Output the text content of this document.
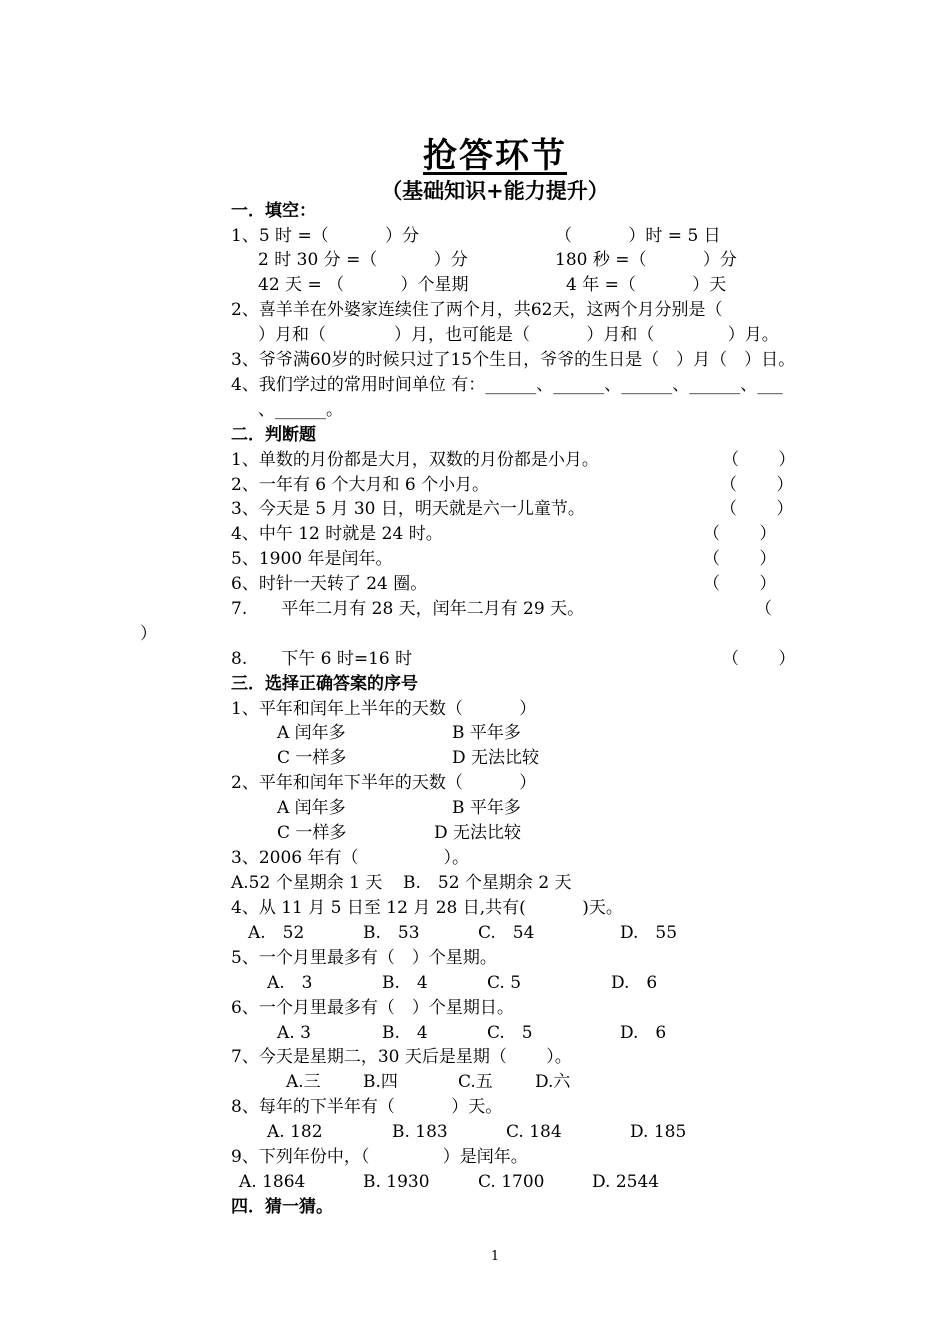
抢答环节
（基础知识+能力提升）
一．填空：
1、5 时 =（　　　 ）分	（　　　 ）时 = 5 日
2 时 30 分 =（　　　 ）分	180 秒 =（　　　 ）分
42 天 = （　　　 ）个星期	4 年 =（　　　 ）天
2、喜羊羊在外婆家连续住了两个月，共62天，这两个月分别是（
）月和（　　　　）月，也可能是（　　　 ）月和（　　　　 ）月。
3、爷爷满60岁的时候只过了15个生日，爷爷的生日是（　）月（　）日。
4、我们学过的常用时间单位 有：______、______、______、______、___
、______。
二．判断题
1、单数的月份都是大月，双数的月份都是小月。	（　　 ）
2、一年有 6 个大月和 6 个小月。	（　　 ）
3、今天是 5 月 30 日，明天就是六一儿童节。	（　　 ）
4、中午 12 时就是 24 时。	（　　 ）
5、1900 年是闰年。	（　　 ）
6、时针一天转了 24 圈。	（　　 ）
7.　　平年二月有 28 天，闰年二月有 29 天。	（
）
8.　　下午 6 时=16 时	（　　 ）
三．选择正确答案的序号
1、平年和闰年上半年的天数（　　　 ）
A 闰年多	B 平年多
C 一样多	D 无法比较
2、平年和闰年下半年的天数（　　　 ）
A 闰年多	B 平年多
C 一样多	D 无法比较
3、2006 年有（　　　　　）。
A.52 个星期余 1 天 B.　52 个星期余 2 天
4、从 11 月 5 日至 12 月 28 日,共有(　　　 )天。
A.　52	B.　53	C.　54	D.　55
5、一个月里最多有（　）个星期。
A.　3	B.　4	C. 5	D.　6
6、一个月里最多有（　）个星期日。
A. 3	B.　4	C.　5	D.　6
7、今天是星期二，30 天后是星期（　　 ）。
A.三 B.四	C.五 D.六
8、每年的下半年有（　　　 ）天。
A. 182	B. 183	C. 184	D. 185
9、下列年份中，（　　　　 ）是闰年。
A. 1864	B. 1930	C. 1700	D. 2544
四．猜一猜。
1
